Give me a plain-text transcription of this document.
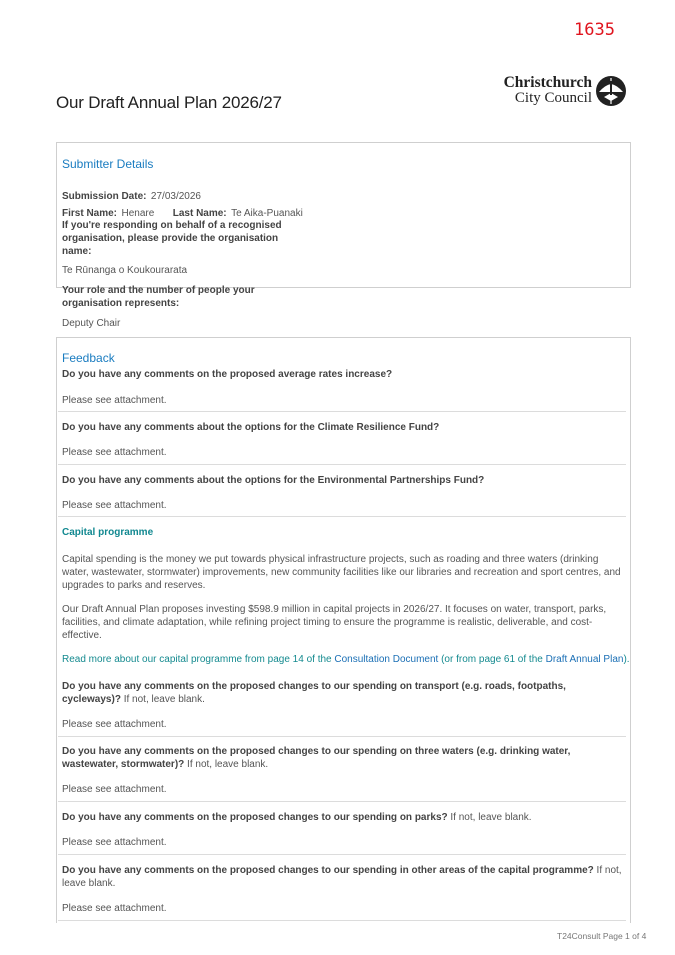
1635
Christchurch
City Council
Our Draft Annual Plan 2026/27
Submitter Details
Submission Date: 27/03/2026
First Name: Henare Last Name: Te Aika-Puanaki
If you're responding on behalf of a recognised organisation, please provide the organisation name:
Te Rūnanga o Koukourarata
Your role and the number of people your organisation represents:
Deputy Chair
Feedback
Do you have any comments on the proposed average rates increase?
Please see attachment.
Do you have any comments about the options for the Climate Resilience Fund?
Please see attachment.
Do you have any comments about the options for the Environmental Partnerships Fund?
Please see attachment.
Capital programme
Capital spending is the money we put towards physical infrastructure projects, such as roading and three waters (drinking water, wastewater, stormwater) improvements, new community facilities like our libraries and recreation and sport centres, and upgrades to parks and reserves.
Our Draft Annual Plan proposes investing $598.9 million in capital projects in 2026/27. It focuses on water, transport, parks, facilities, and climate adaptation, while refining project timing to ensure the programme is realistic, deliverable, and cost-effective.
Read more about our capital programme from page 14 of the Consultation Document (or from page 61 of the Draft Annual Plan).
Do you have any comments on the proposed changes to our spending on transport (e.g. roads, footpaths, cycleways)? If not, leave blank.
Please see attachment.
Do you have any comments on the proposed changes to our spending on three waters (e.g. drinking water, wastewater, stormwater)? If not, leave blank.
Please see attachment.
Do you have any comments on the proposed changes to our spending on parks? If not, leave blank.
Please see attachment.
Do you have any comments on the proposed changes to our spending in other areas of the capital programme? If not, leave blank.
Please see attachment.
T24Consult Page 1 of 4
